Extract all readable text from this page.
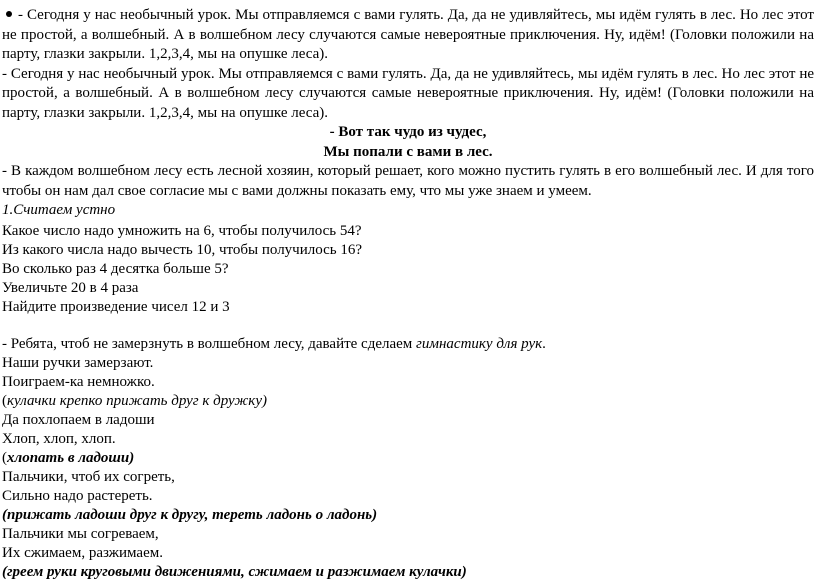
- Сегодня у нас необычный урок. Мы отправляемся с вами гулять. Да, да не удивляйтесь, мы идём гулять в лес. Но лес этот не простой, а волшебный. А в волшебном лесу случаются самые невероятные приключения. Ну, идём! (Головки положили на парту, глазки закрыли. 1,2,3,4, мы на опушке леса).

- Сегодня у нас необычный урок. Мы отправляемся с вами гулять. Да, да не удивляйтесь, мы идём гулять в лес. Но лес этот не простой, а волшебный. А в волшебном лесу случаются самые невероятные приключения. Ну, идём! (Головки положили на парту, глазки закрыли. 1,2,3,4, мы на опушке леса).

- Вот так чудо из чудес,

Мы попали с вами в лес.

- В каждом волшебном лесу есть лесной хозяин, который решает, кого можно пустить гулять в его волшебный лес. И для того чтобы он нам дал свое согласие мы с вами должны показать ему, что мы уже знаем и умеем.

1.Считаем устно

Какое число надо умножить на 6, чтобы получилось 54?

Из какого числа надо вычесть 10, чтобы получилось 16?

Во сколько раз 4 десятка больше 5?

Увеличьте 20 в 4 раза

Найдите произведение чисел 12 и 3

- Ребята, чтоб не замерзнуть в волшебном лесу, давайте сделаем гимнастику для рук.

Наши ручки замерзают.

Поиграем-ка немножко.

(кулачки крепко прижать друг к дружку)

Да похлопаем в ладоши

Хлоп, хлоп, хлоп.

(хлопать в ладоши)

Пальчики, чтоб их согреть,

Сильно надо растереть.

(прижать ладоши друг к другу, тереть ладонь о ладонь)

Пальчики мы согреваем,

Их сжимаем, разжимаем.

(греем руки круговыми движениями, сжимаем и разжимаем кулачки)
